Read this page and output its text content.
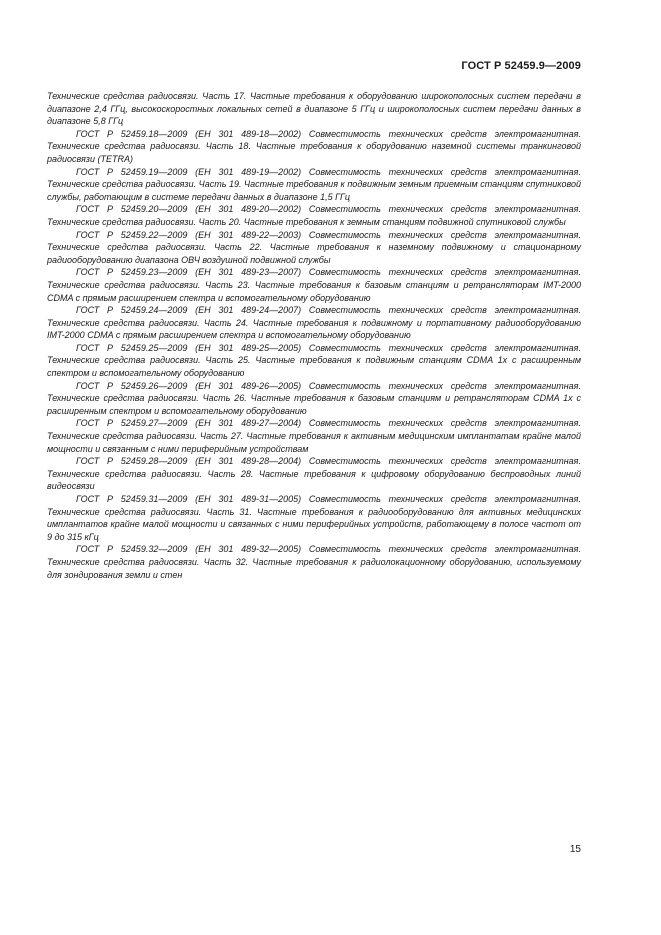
ГОСТ Р 52459.9—2009

Технические средства радиосвязи. Часть 17. Частные требования к оборудованию широкополосных систем передачи в диапазоне 2,4 ГГц, высокоскоростных локальных сетей в диапазоне 5 ГГц и широкополосных систем передачи данных в диапазоне 5,8 ГГц

ГОСТ Р 52459.18—2009 (ЕН 301 489-18—2002) Совместимость технических средств электромагнитная. Технические средства радиосвязи. Часть 18. Частные требования к оборудованию наземной системы транкинговой радиосвязи (TETRA)

ГОСТ Р 52459.19—2009 (ЕН 301 489-19—2002) Совместимость технических средств электромагнитная. Технические средства радиосвязи. Часть 19. Частные требования к подвижным земным приемным станциям спутниковой службы, работающим в системе передачи данных в диапазоне 1,5 ГГц

ГОСТ Р 52459.20—2009 (ЕН 301 489-20—2002) Совместимость технических средств электромагнитная. Технические средства радиосвязи. Часть 20. Частные требования к земным станциям подвижной спутниковой службы

ГОСТ Р 52459.22—2009 (ЕН 301 489-22—2003) Совместимость технических средств электромагнитная. Технические средства радиосвязи. Часть 22. Частные требования к наземному подвижному и стационарному радиооборудованию диапазона ОВЧ воздушной подвижной службы

ГОСТ Р 52459.23—2009 (ЕН 301 489-23—2007) Совместимость технических средств электромагнитная. Технические средства радиосвязи. Часть 23. Частные требования к базовым станциям и ретрансляторам IMT-2000 CDMA с прямым расширением спектра и вспомогательному оборудованию

ГОСТ Р 52459.24—2009 (ЕН 301 489-24—2007) Совместимость технических средств электромагнитная. Технические средства радиосвязи. Часть 24. Частные требования к подвижному и портативному радиооборудованию IMT-2000 CDMA с прямым расширением спектра и вспомогательному оборудованию

ГОСТ Р 52459.25—2009 (ЕН 301 489-25—2005) Совместимость технических средств электромагнитная. Технические средства радиосвязи. Часть 25. Частные требования к подвижным станциям CDMA 1x с расширенным спектром и вспомогательному оборудованию

ГОСТ Р 52459.26—2009 (ЕН 301 489-26—2005) Совместимость технических средств электромагнитная. Технические средства радиосвязи. Часть 26. Частные требования к базовым станциям и ретрансляторам CDMA 1x с расширенным спектром и вспомогательному оборудованию

ГОСТ Р 52459.27—2009 (ЕН 301 489-27—2004) Совместимость технических средств электромагнитная. Технические средства радиосвязи. Часть 27. Частные требования к активным медицинским имплантатам крайне малой мощности и связанным с ними периферийным устройствам

ГОСТ Р 52459.28—2009 (ЕН 301 489-28—2004) Совместимость технических средств электромагнитная. Технические средства радиосвязи. Часть 28. Частные требования к цифровому оборудованию беспроводных линий видеосвязи

ГОСТ Р 52459.31—2009 (ЕН 301 489-31—2005) Совместимость технических средств электромагнитная. Технические средства радиосвязи. Часть 31. Частные требования к радиооборудованию для активных медицинских имплантатов крайне малой мощности и связанных с ними периферийных устройств, работающему в полосе частот от 9 до 315 кГц

ГОСТ Р 52459.32—2009 (ЕН 301 489-32—2005) Совместимость технических средств электромагнитная. Технические средства радиосвязи. Часть 32. Частные требования к радиолокационному оборудованию, используемому для зондирования земли и стен

15
